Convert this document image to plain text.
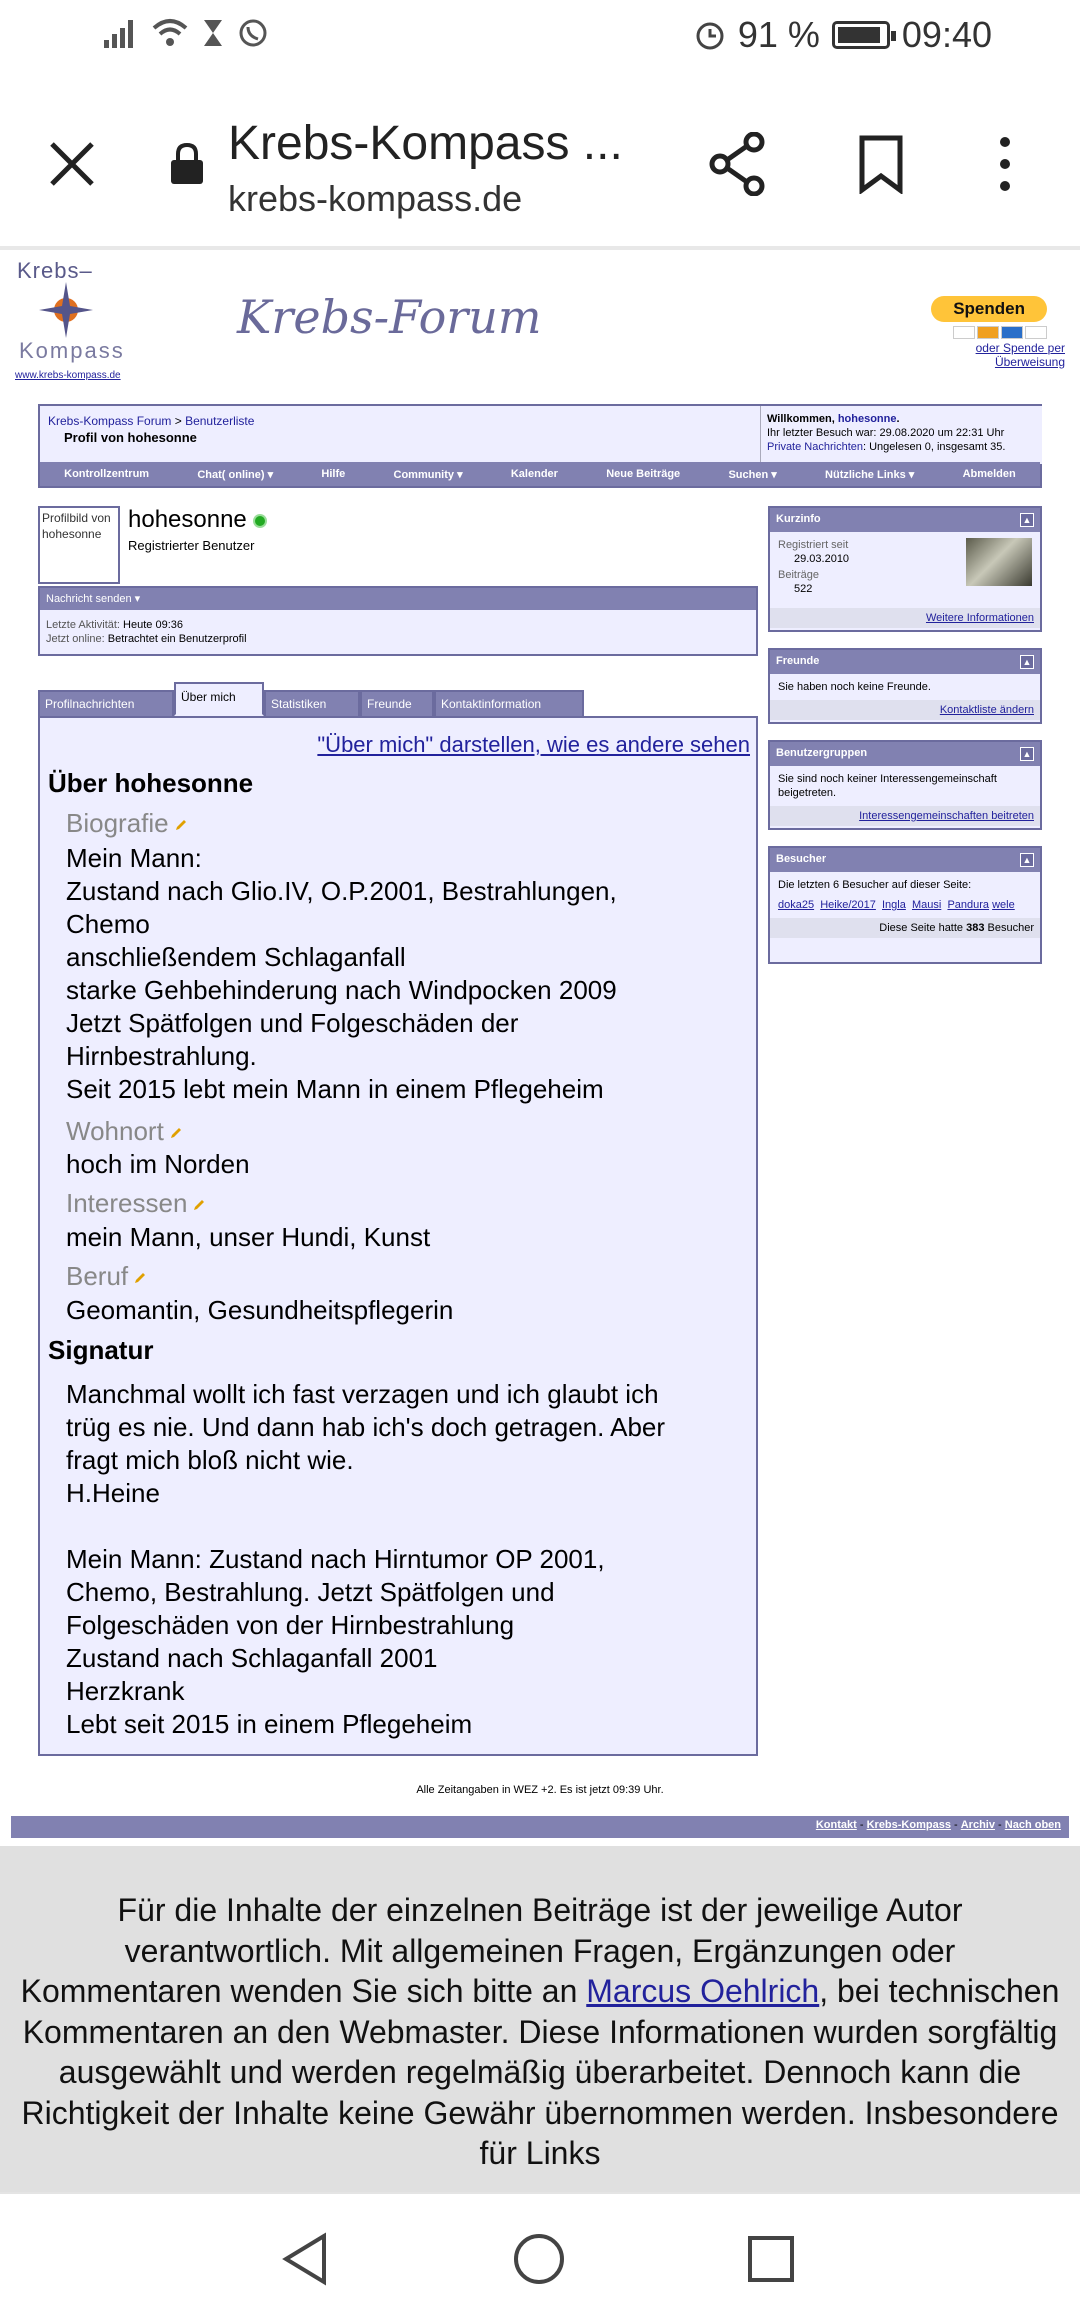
91 % 09:40
Krebs-Kompass ...
krebs-kompass.de
Krebs–
Kompass
www.krebs-kompass.de
Krebs-Forum	Spenden
oder Spende per Überweisung
Krebs-Kompass Forum > Benutzerliste
Profil von hohesonne
Willkommen, hohesonne.
Ihr letzter Besuch war: 29.08.2020 um 22:31 Uhr
Private Nachrichten: Ungelesen 0, insgesamt 35.
Kontrollzentrum	Chat( online) ▾	Hilfe	Community ▾	Kalender	Neue Beiträge	Suchen ▾	Nützliche Links ▾	Abmelden
Profilbild von hohesonne
hohesonne
Registrierter Benutzer
Nachricht senden ▾
Letzte Aktivität: Heute 09:36
Jetzt online: Betrachtet ein Benutzerprofil
Profilnachrichten	Über mich	Statistiken	Freunde	Kontaktinformation
"Über mich" darstellen, wie es andere sehen
Über hohesonne
Biografie
Mein Mann:
Zustand nach Glio.IV, O.P.2001, Bestrahlungen,
Chemo
anschließendem Schlaganfall
starke Gehbehinderung nach Windpocken 2009
Jetzt Spätfolgen und Folgeschäden der
Hirnbestrahlung.
Seit 2015 lebt mein Mann in einem Pflegeheim
Wohnort
hoch im Norden
Interessen
mein Mann, unser Hundi, Kunst
Beruf
Geomantin, Gesundheitspflegerin
Signatur
Manchmal wollt ich fast verzagen und ich glaubt ich
trüg es nie. Und dann hab ich's doch getragen. Aber
fragt mich bloß nicht wie.
H.Heine

Mein Mann: Zustand nach Hirntumor OP 2001,
Chemo, Bestrahlung. Jetzt Spätfolgen und
Folgeschäden von der Hirnbestrahlung
Zustand nach Schlaganfall 2001
Herzkrank
Lebt seit 2015 in einem Pflegeheim
Kurzinfo	▲
Registriert seit
29.03.2010
Beiträge
522
Weitere Informationen
Freunde	▲
Sie haben noch keine Freunde.
Kontaktliste ändern
Benutzergruppen	▲
Sie sind noch keiner Interessengemeinschaft beigetreten.
Interessengemeinschaften beitreten
Besucher	▲
Die letzten 6 Besucher auf dieser Seite:
doka25 Heike/2017 Ingla Mausi Pandura wele
Diese Seite hatte 383 Besucher
Alle Zeitangaben in WEZ +2. Es ist jetzt 09:39 Uhr.
Kontakt - Krebs-Kompass - Archiv - Nach oben
Für die Inhalte der einzelnen Beiträge ist der jeweilige Autor verantwortlich. Mit allgemeinen Fragen, Ergänzungen oder Kommentaren wenden Sie sich bitte an Marcus Oehlrich, bei technischen Kommentaren an den Webmaster. Diese Informationen wurden sorgfältig ausgewählt und werden regelmäßig überarbeitet. Dennoch kann die Richtigkeit der Inhalte keine Gewähr übernommen werden. Insbesondere für Links
